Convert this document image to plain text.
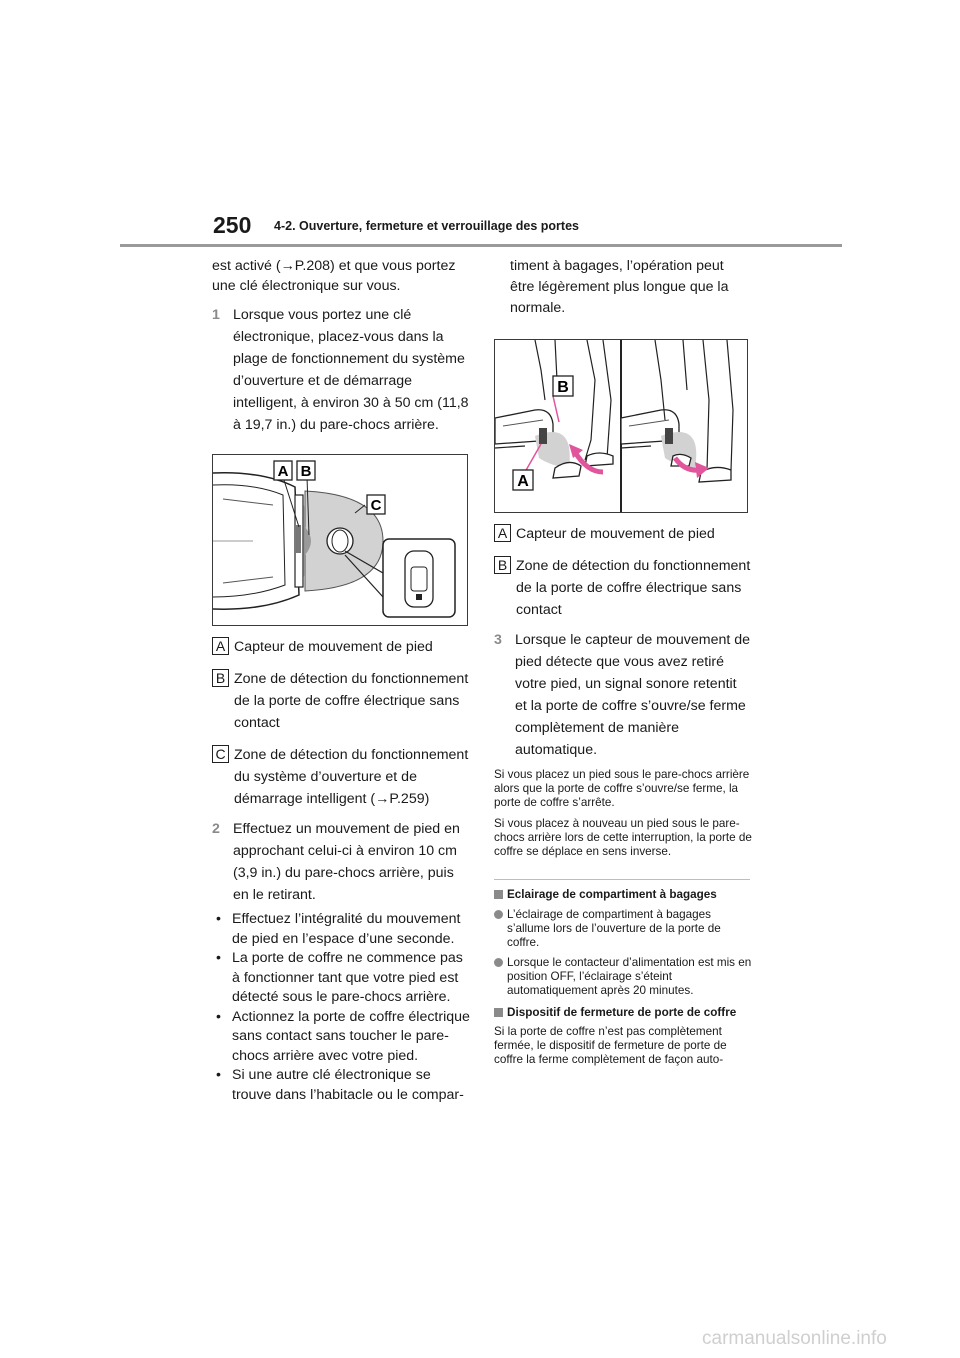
250 4-2. Ouverture, fermeture et verrouillage des portes

est activé (→P.208) et que vous portez une clé électronique sur vous.

1 Lorsque vous portez une clé électronique, placez-vous dans la plage de fonctionnement du système d’ouverture et de démarrage intelligent, à environ 30 à 50 cm (11,8 à 19,7 in.) du pare-chocs arrière.
A B
C
A Capteur de mouvement de pied
B Zone de détection du fonctionnement de la porte de coffre électrique sans contact
C Zone de détection du fonctionnement du système d’ouverture et de démarrage intelligent (→P.259)
2 Effectuez un mouvement de pied en approchant celui-ci à environ 10 cm (3,9 in.) du pare-chocs arrière, puis en le retirant.
• Effectuez l’intégralité du mouvement de pied en l’espace d’une seconde.
• La porte de coffre ne commence pas à fonctionner tant que votre pied est détecté sous le pare-chocs arrière.
• Actionnez la porte de coffre électrique sans contact sans toucher le pare-chocs arrière avec votre pied.
• Si une autre clé électronique se trouve dans l’habitacle ou le compar-

timent à bagages, l’opération peut être légèrement plus longue que la normale.

B
A
A Capteur de mouvement de pied
B Zone de détection du fonctionnement de la porte de coffre électrique sans contact
3 Lorsque le capteur de mouvement de pied détecte que vous avez retiré votre pied, un signal sonore retentit et la porte de coffre s’ouvre/se ferme complètement de manière automatique.

Si vous placez un pied sous le pare-chocs arrière alors que la porte de coffre s’ouvre/se ferme, la porte de coffre s’arrête.

Si vous placez à nouveau un pied sous le pare-chocs arrière lors de cette interruption, la porte de coffre se déplace en sens inverse.

Eclairage de compartiment à bagages
L’éclairage de compartiment à bagages s’allume lors de l’ouverture de la porte de coffre.
Lorsque le contacteur d’alimentation est mis en position OFF, l’éclairage s’éteint automatiquement après 20 minutes.
Dispositif de fermeture de porte de coffre

Si la porte de coffre n’est pas complètement fermée, le dispositif de fermeture de porte de coffre la ferme complètement de façon auto-

carmanualsonline.info
